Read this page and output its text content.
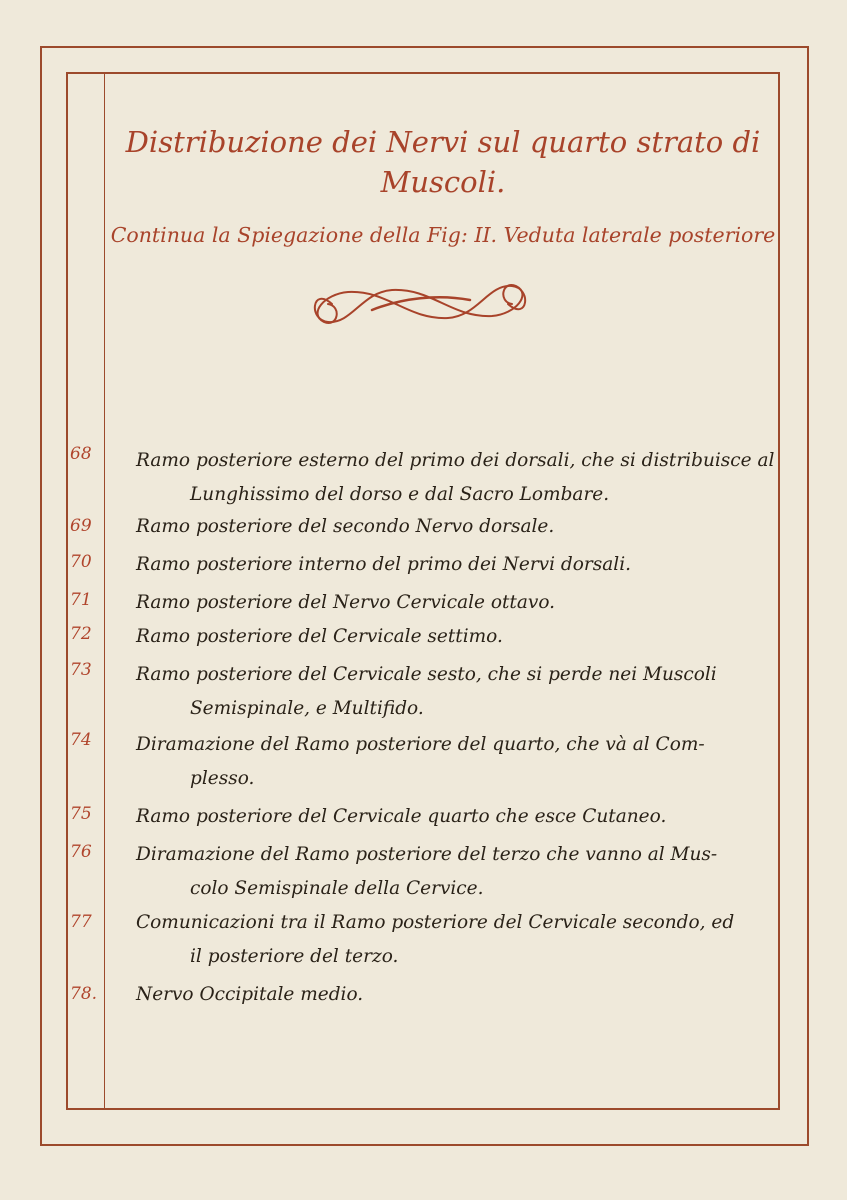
Distribuzione dei Nervi sul quarto strato di Muscoli.
Continua la Spiegazione della Fig: II. Veduta laterale posteriore
68	Ramo posteriore esterno del primo dei dorsali, che si distribuisce al
Lunghissimo del dorso e dal Sacro Lombare.
69	Ramo posteriore del secondo Nervo dorsale.
70	Ramo posteriore interno del primo dei Nervi dorsali.
71	Ramo posteriore del Nervo Cervicale ottavo.
72	Ramo posteriore del Cervicale settimo.
73	Ramo posteriore del Cervicale sesto, che si perde nei Muscoli
Semispinale, e Multifido.
74	Diramazione del Ramo posteriore del quarto, che và al Com-
plesso.
75	Ramo posteriore del Cervicale quarto che esce Cutaneo.
76	Diramazione del Ramo posteriore del terzo che vanno al Mus-
colo Semispinale della Cervice.
77	Comunicazioni tra il Ramo posteriore del Cervicale secondo, ed
il posteriore del terzo.
78.	Nervo Occipitale medio.
